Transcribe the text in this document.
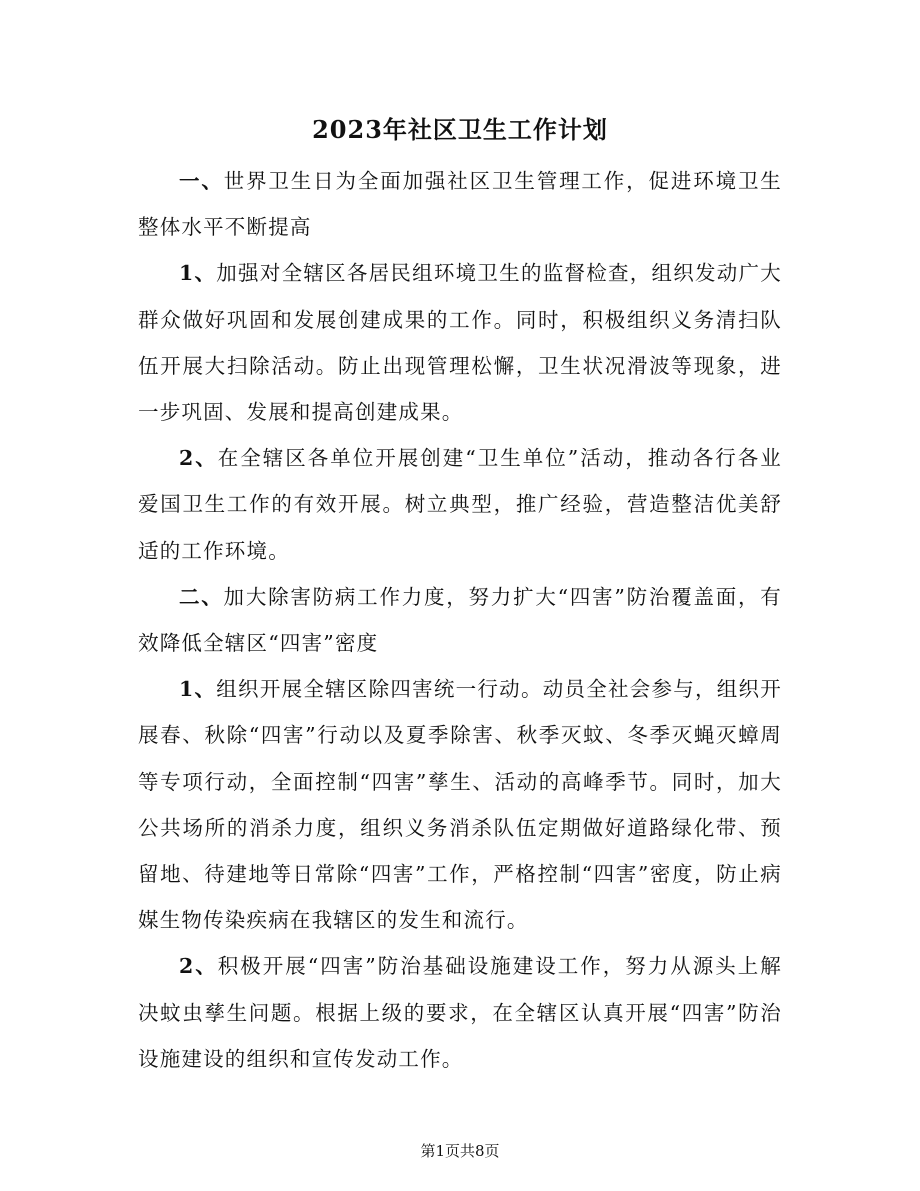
2023年社区卫生工作计划

一、世界卫生日为全面加强社区卫生管理工作，促进环境卫生整体水平不断提高

1、加强对全辖区各居民组环境卫生的监督检查，组织发动广大群众做好巩固和发展创建成果的工作。同时，积极组织义务清扫队伍开展大扫除活动。防止出现管理松懈，卫生状况滑波等现象，进一步巩固、发展和提高创建成果。

2、在全辖区各单位开展创建“卫生单位”活动，推动各行各业爱国卫生工作的有效开展。树立典型，推广经验，营造整洁优美舒适的工作环境。

二、加大除害防病工作力度，努力扩大“四害”防治覆盖面，有效降低全辖区“四害”密度

1、组织开展全辖区除四害统一行动。动员全社会参与，组织开展春、秋除“四害”行动以及夏季除害、秋季灭蚊、冬季灭蝇灭蟑周等专项行动，全面控制“四害”孳生、活动的高峰季节。同时，加大公共场所的消杀力度，组织义务消杀队伍定期做好道路绿化带、预留地、待建地等日常除“四害”工作，严格控制“四害”密度，防止病媒生物传染疾病在我辖区的发生和流行。

2、积极开展“四害”防治基础设施建设工作，努力从源头上解决蚊虫孳生问题。根据上级的要求，在全辖区认真开展“四害”防治设施建设的组织和宣传发动工作。

第1页共8页
